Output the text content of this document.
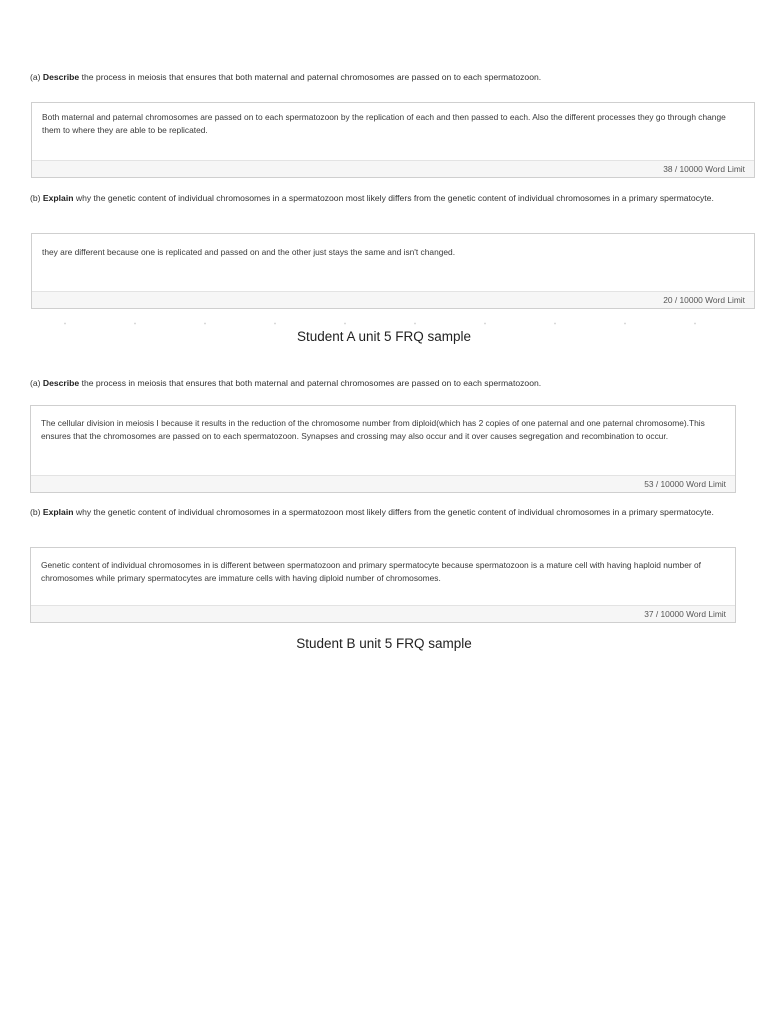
(a) Describe the process in meiosis that ensures that both maternal and paternal chromosomes are passed on to each spermatozoon.
Both maternal and paternal chromosomes are passed on to each spermatozoon by the replication of each and then passed to each. Also the different processes they go through change them to where they are able to be replicated.
38 / 10000 Word Limit
(b) Explain why the genetic content of individual chromosomes in a spermatozoon most likely differs from the genetic content of individual chromosomes in a primary spermatocyte.
they are different because one is replicated and passed on and the other just stays the same and isn't changed.
20 / 10000 Word Limit
Student A unit 5 FRQ sample
(a) Describe the process in meiosis that ensures that both maternal and paternal chromosomes are passed on to each spermatozoon.
The cellular division in meiosis I because it results in the reduction of the chromosome number from diploid(which has 2 copies of one paternal and one paternal chromosome).This ensures that the chromosomes are passed on to each spermatozoon. Synapses and crossing may also occur and it over causes segregation and recombination to occur.
53 / 10000 Word Limit
(b) Explain why the genetic content of individual chromosomes in a spermatozoon most likely differs from the genetic content of individual chromosomes in a primary spermatocyte.
Genetic content of individual chromosomes in is different between spermatozoon and primary spermatocyte because spermatozoon is a mature cell with having haploid number of chromosomes while primary spermatocytes are immature cells with having diploid number of chromosomes.
37 / 10000 Word Limit
Student B unit 5 FRQ sample
